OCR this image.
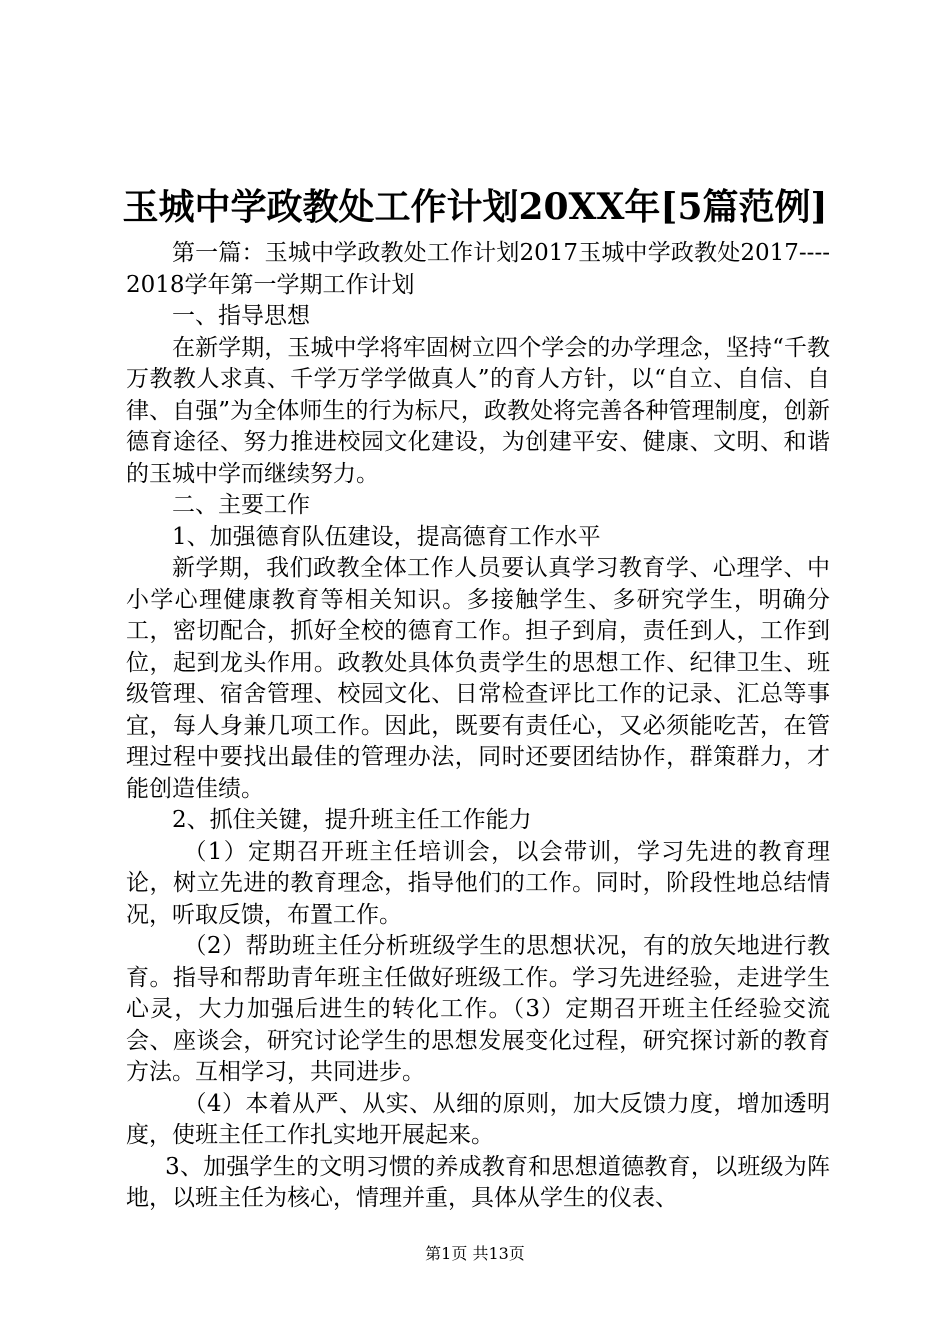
玉城中学政教处工作计划20XX年[5篇范例]

第一篇：玉城中学政教处工作计划2017玉城中学政教处2017----2018学年第一学期工作计划

一、指导思想

在新学期，玉城中学将牢固树立四个学会的办学理念，坚持“千教万教教人求真、千学万学学做真人”的育人方针，以“自立、自信、自律、自强”为全体师生的行为标尺，政教处将完善各种管理制度，创新德育途径、努力推进校园文化建设，为创建平安、健康、文明、和谐的玉城中学而继续努力。

二、主要工作

1、加强德育队伍建设，提高德育工作水平

新学期，我们政教全体工作人员要认真学习教育学、心理学、中小学心理健康教育等相关知识。多接触学生、多研究学生，明确分工，密切配合，抓好全校的德育工作。担子到肩，责任到人，工作到位，起到龙头作用。政教处具体负责学生的思想工作、纪律卫生、班级管理、宿舍管理、校园文化、日常检查评比工作的记录、汇总等事宜，每人身兼几项工作。因此，既要有责任心，又必须能吃苦，在管理过程中要找出最佳的管理办法，同时还要团结协作，群策群力，才能创造佳绩。

2、抓住关键，提升班主任工作能力

（1）定期召开班主任培训会，以会带训，学习先进的教育理论，树立先进的教育理念，指导他们的工作。同时，阶段性地总结情况，听取反馈，布置工作。

（2）帮助班主任分析班级学生的思想状况，有的放矢地进行教育。指导和帮助青年班主任做好班级工作。学习先进经验，走进学生心灵，大力加强后进生的转化工作。（3）定期召开班主任经验交流会、座谈会，研究讨论学生的思想发展变化过程，研究探讨新的教育方法。互相学习，共同进步。

（4）本着从严、从实、从细的原则，加大反馈力度，增加透明度，使班主任工作扎实地开展起来。

3、加强学生的文明习惯的养成教育和思想道德教育，以班级为阵地，以班主任为核心，情理并重，具体从学生的仪表、

第1页 共13页
